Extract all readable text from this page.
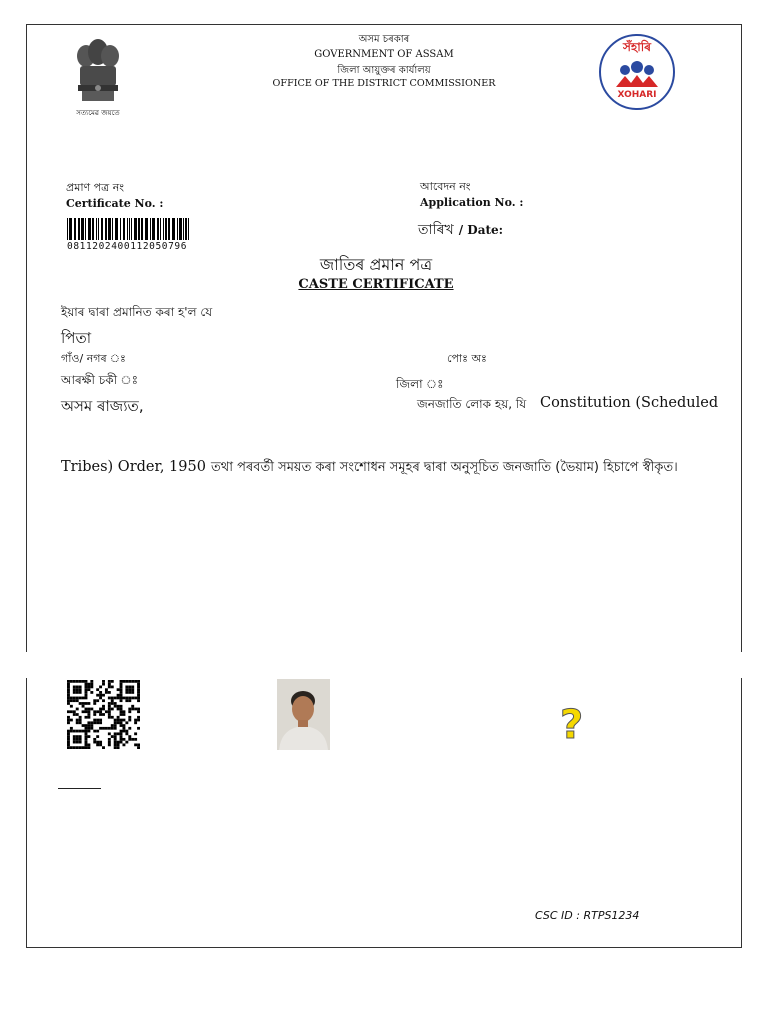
সত্যমেৱ জয়তে
অসম চৰকাৰ
GOVERNMENT OF ASSAM
জিলা আয়ুক্তৰ কাৰ্যালয়
OFFICE OF THE DISTRICT COMMISSIONER
সঁহাৰি
XOHARI
প্ৰমাণ পত্ৰ নং
Certificate No. :
আবেদন নং
Application No. :
তাৰিখ / Date:
0811202400112050796
জাতিৰ প্ৰমান পত্ৰ
CASTE CERTIFICATE
ইয়াৰ দ্বাৰা প্ৰমানিত কৰা হ'ল যে
পিতা
গাঁও/ নগৰ ঃ	পোঃ অঃ
আৰক্ষী চকী ঃ	জিলা ঃ
অসম ৰাজ্যত,	জনজাতি লোক হয়, যি Constitution (Scheduled
Tribes) Order, 1950 তথা পৰবৰ্তী সময়ত কৰা সংশোধন সমূহৰ দ্বাৰা অনুসূচিত জনজাতি (ভৈয়াম) হিচাপে স্বীকৃত।
?
CSC ID : RTPS1234
